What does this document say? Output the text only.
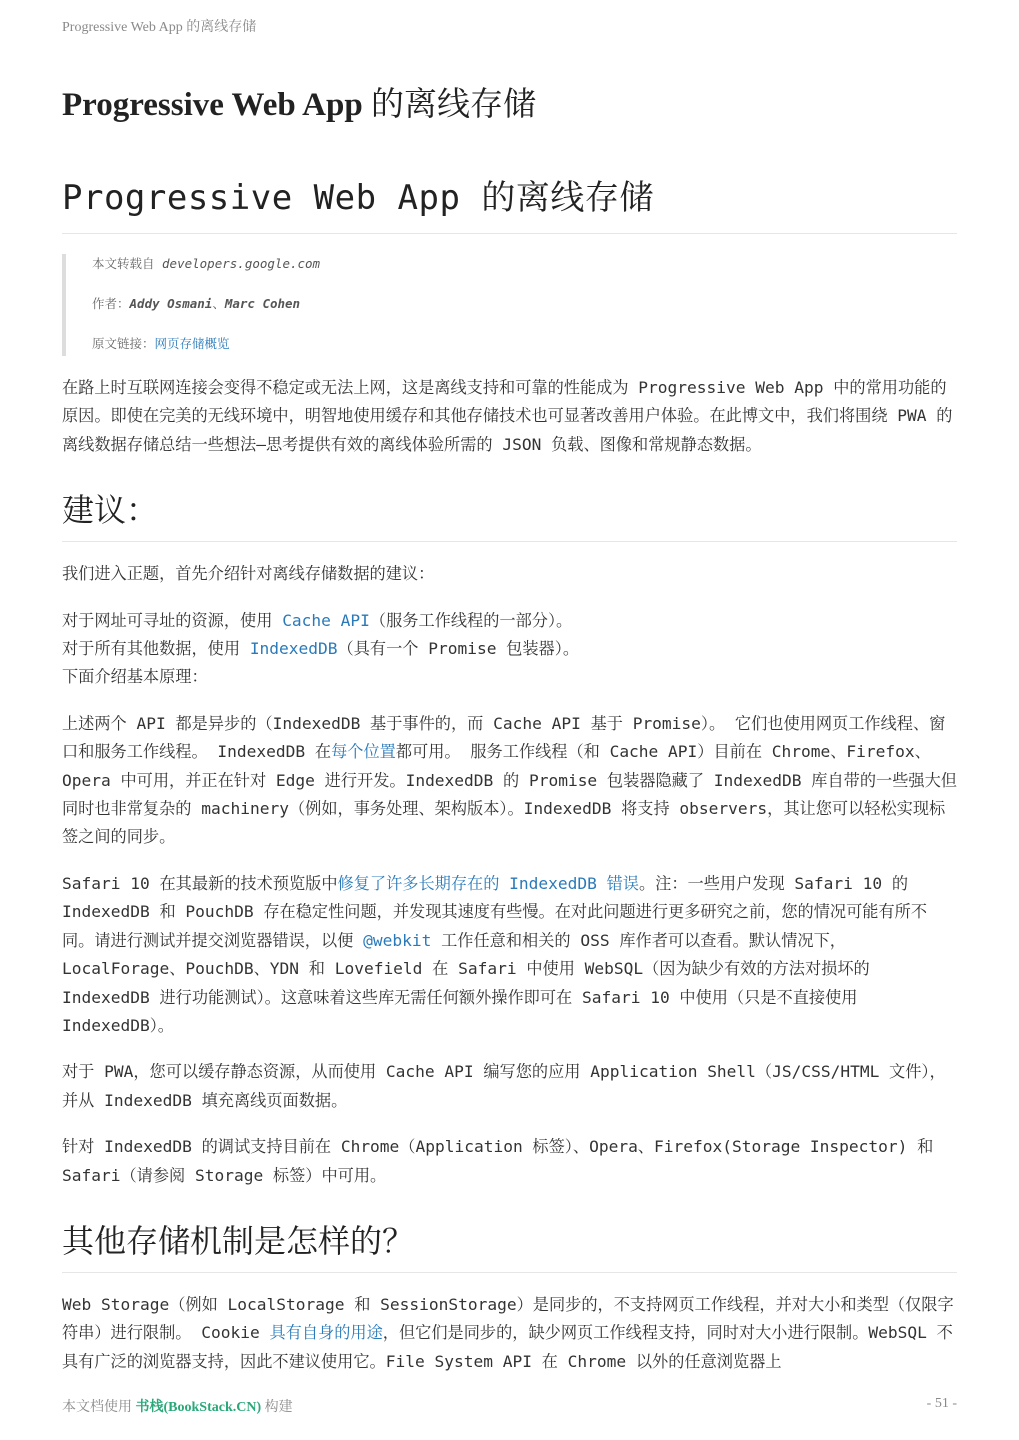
Progressive Web App 的离线存储
Progressive Web App 的离线存储
Progressive Web App 的离线存储

本文转载自 developers.google.com

作者：Addy Osmani、Marc Cohen

原文链接：网页存储概览

在路上时互联网连接会变得不稳定或无法上网，这是离线支持和可靠的性能成为 Progressive Web App 中的常用功能的原因。即使在完美的无线环境中，明智地使用缓存和其他存储技术也可显著改善用户体验。在此博文中，我们将围绕 PWA 的离线数据存储总结一些想法—思考提供有效的离线体验所需的 JSON 负载、图像和常规静态数据。

建议：

我们进入正题，首先介绍针对离线存储数据的建议：

对于网址可寻址的资源，使用 Cache API（服务工作线程的一部分）。
对于所有其他数据，使用 IndexedDB（具有一个 Promise 包装器）。
下面介绍基本原理：

上述两个 API 都是异步的（IndexedDB 基于事件的，而 Cache API 基于 Promise）。 它们也使用网页工作线程、窗口和服务工作线程。 IndexedDB 在每个位置都可用。 服务工作线程（和 Cache API）目前在 Chrome、Firefox、Opera 中可用，并正在针对 Edge 进行开发。IndexedDB 的 Promise 包装器隐藏了 IndexedDB 库自带的一些强大但同时也非常复杂的 machinery（例如，事务处理、架构版本）。IndexedDB 将支持 observers，其让您可以轻松实现标签之间的同步。

Safari 10 在其最新的技术预览版中修复了许多长期存在的 IndexedDB 错误。注：一些用户发现 Safari 10 的 IndexedDB 和 PouchDB 存在稳定性问题，并发现其速度有些慢。在对此问题进行更多研究之前，您的情况可能有所不同。请进行测试并提交浏览器错误，以便 @webkit 工作任意和相关的 OSS 库作者可以查看。默认情况下，LocalForage、PouchDB、YDN 和 Lovefield 在 Safari 中使用 WebSQL（因为缺少有效的方法对损坏的 IndexedDB 进行功能测试）。这意味着这些库无需任何额外操作即可在 Safari 10 中使用（只是不直接使用 IndexedDB）。

对于 PWA，您可以缓存静态资源，从而使用 Cache API 编写您的应用 Application Shell（JS/CSS/HTML 文件），并从 IndexedDB 填充离线页面数据。

针对 IndexedDB 的调试支持目前在 Chrome（Application 标签）、Opera、Firefox(Storage Inspector) 和 Safari（请参阅 Storage 标签）中可用。

其他存储机制是怎样的？

Web Storage（例如 LocalStorage 和 SessionStorage）是同步的，不支持网页工作线程，并对大小和类型（仅限字符串）进行限制。 Cookie 具有自身的用途，但它们是同步的，缺少网页工作线程支持，同时对大小进行限制。WebSQL 不具有广泛的浏览器支持，因此不建议使用它。File System API 在 Chrome 以外的任意浏览器上

本文档使用 书栈(BookStack.CN) 构建	- 51 -
